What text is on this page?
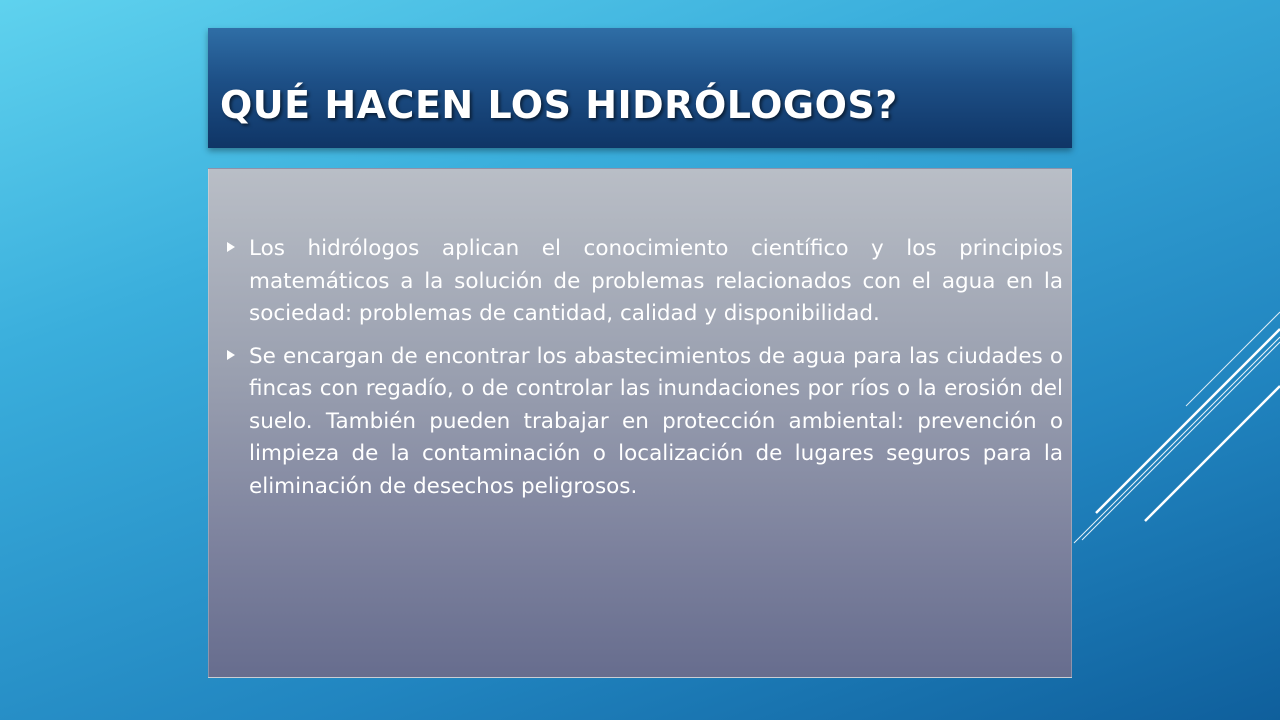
QUÉ HACEN LOS HIDRÓLOGOS?
Los hidrólogos aplican el conocimiento científico y los principios matemáticos a la solución de problemas relacionados con el agua en la sociedad: problemas de cantidad, calidad y disponibilidad.
Se encargan de encontrar los abastecimientos de agua para las ciudades o fincas con regadío, o de controlar las inundaciones por ríos o la erosión del suelo. También pueden trabajar en protección ambiental: prevención o limpieza de la contaminación o localización de lugares seguros para la eliminación de desechos peligrosos.
